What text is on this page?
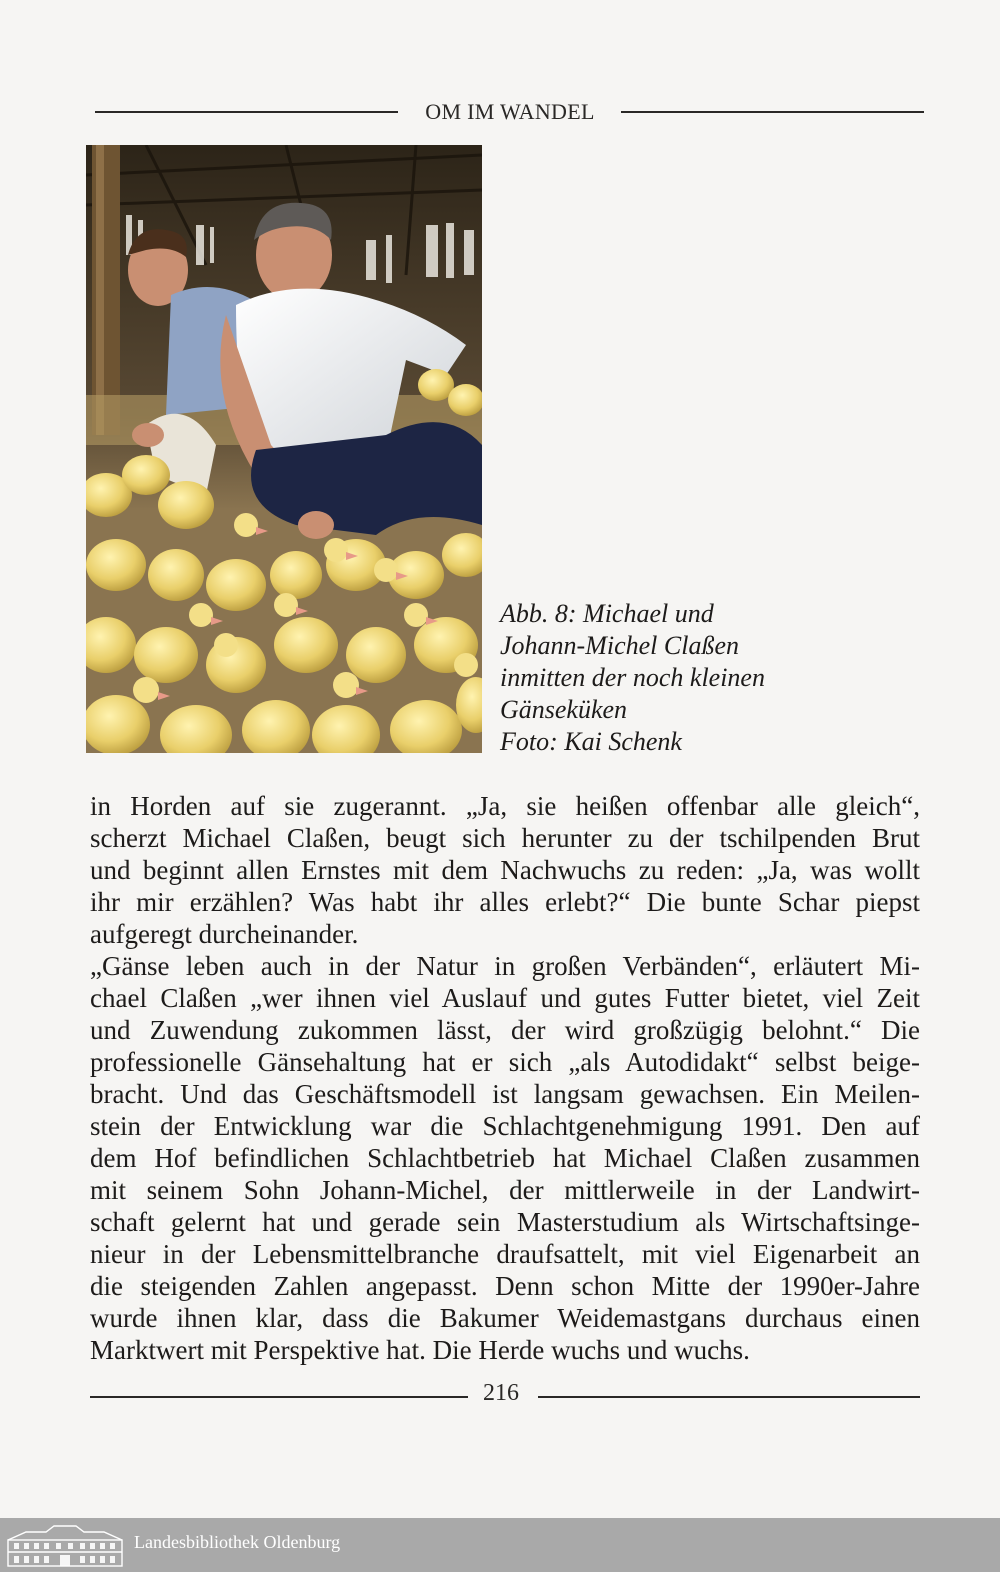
OM IM WANDEL
Abb. 8: Michael und
Johann-Michel Claßen
inmitten der noch kleinen
Gänseküken
Foto: Kai Schenk
in Horden auf sie zugerannt. „Ja, sie heißen offenbar alle gleich“,
scherzt Michael Claßen, beugt sich herunter zu der tschilpenden Brut
und beginnt allen Ernstes mit dem Nachwuchs zu reden: „Ja, was wollt
ihr mir erzählen? Was habt ihr alles erlebt?“ Die bunte Schar piepst
aufgeregt durcheinander.
„Gänse leben auch in der Natur in großen Verbänden“, erläutert Mi-
chael Claßen „wer ihnen viel Auslauf und gutes Futter bietet, viel Zeit
und Zuwendung zukommen lässt, der wird großzügig belohnt.“ Die
professionelle Gänsehaltung hat er sich „als Autodidakt“ selbst beige-
bracht. Und das Geschäftsmodell ist langsam gewachsen. Ein Meilen-
stein der Entwicklung war die Schlachtgenehmigung 1991. Den auf
dem Hof befindlichen Schlachtbetrieb hat Michael Claßen zusammen
mit seinem Sohn Johann-Michel, der mittlerweile in der Landwirt-
schaft gelernt hat und gerade sein Masterstudium als Wirtschaftsinge-
nieur in der Lebensmittelbranche draufsattelt, mit viel Eigenarbeit an
die steigenden Zahlen angepasst. Denn schon Mitte der 1990er-Jahre
wurde ihnen klar, dass die Bakumer Weidemastgans durchaus einen
Marktwert mit Perspektive hat. Die Herde wuchs und wuchs.
216
Landesbibliothek Oldenburg
